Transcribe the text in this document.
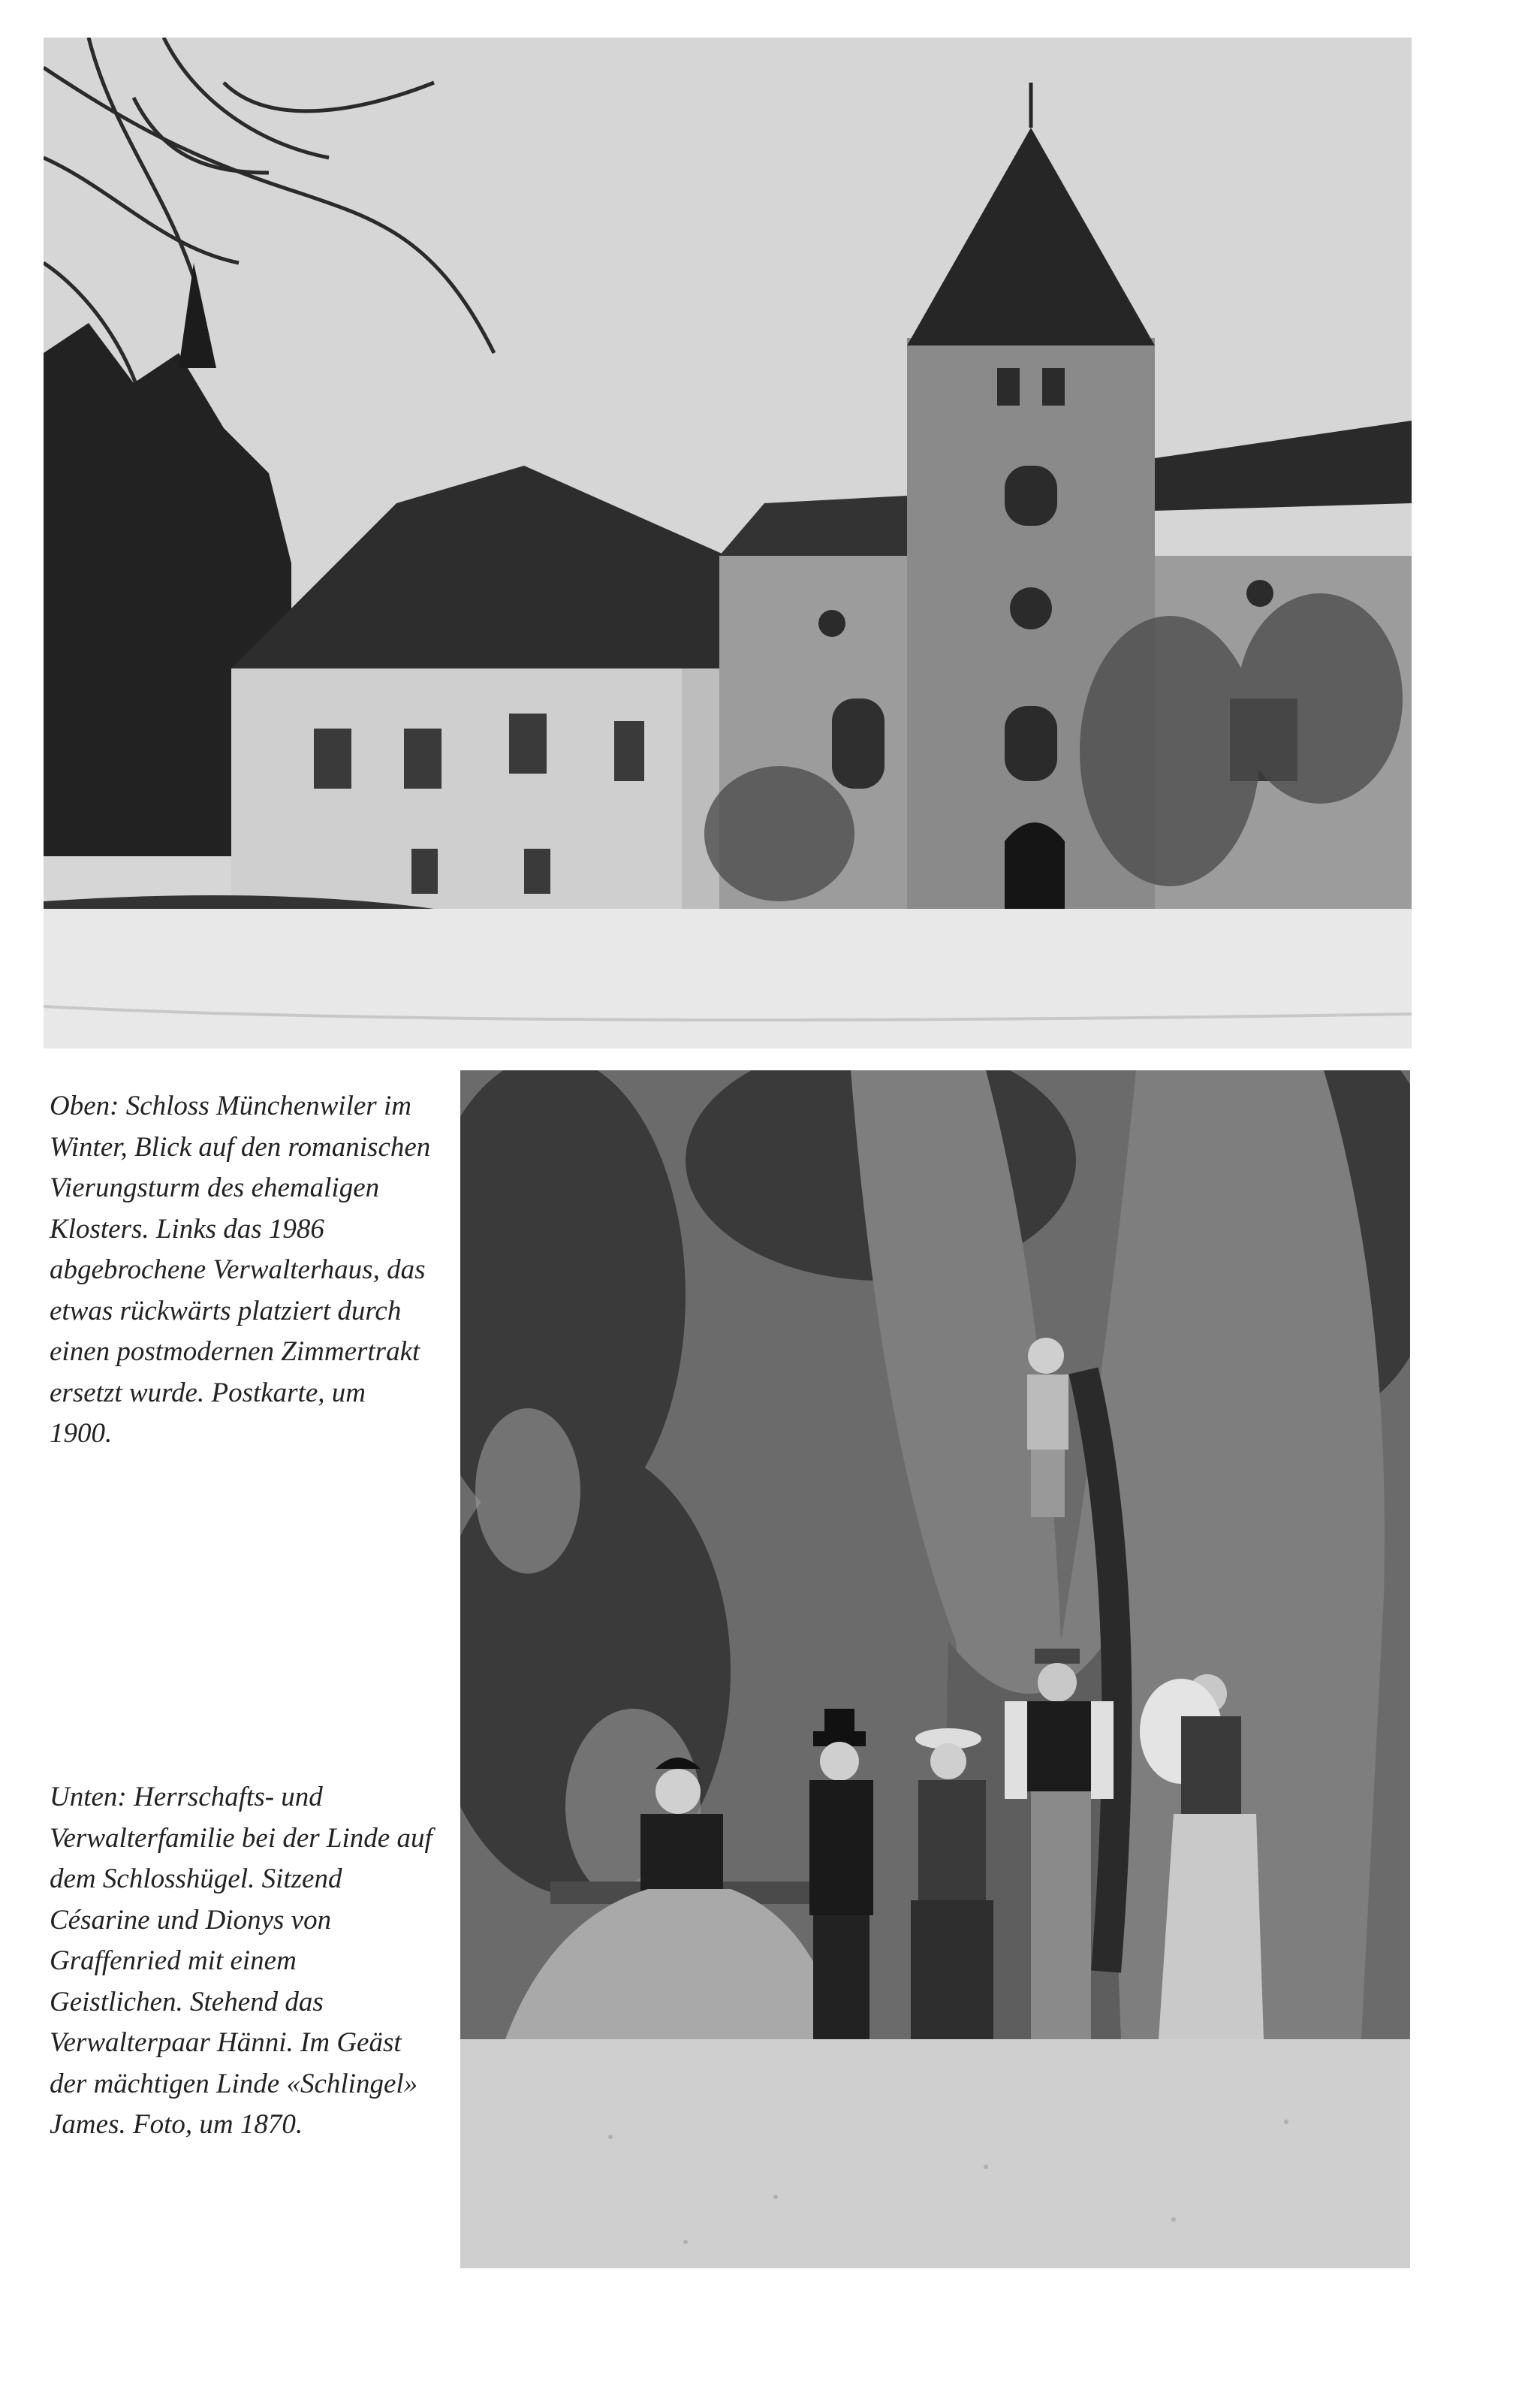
Oben: Schloss Münchenwiler im Winter, Blick auf den romanischen Vierungsturm des ehemaligen Klosters. Links das 1986 abgebrochene Verwalterhaus, das etwas rückwärts platziert durch einen postmodernen Zimmertrakt ersetzt wurde. Postkarte, um 1900.

Unten: Herrschafts- und Verwalterfamilie bei der Linde auf dem Schlosshügel. Sitzend Césarine und Dionys von Graffenried mit einem Geistlichen. Stehend das Verwalterpaar Hänni. Im Geäst der mächtigen Linde «Schlingel» James. Foto, um 1870.
